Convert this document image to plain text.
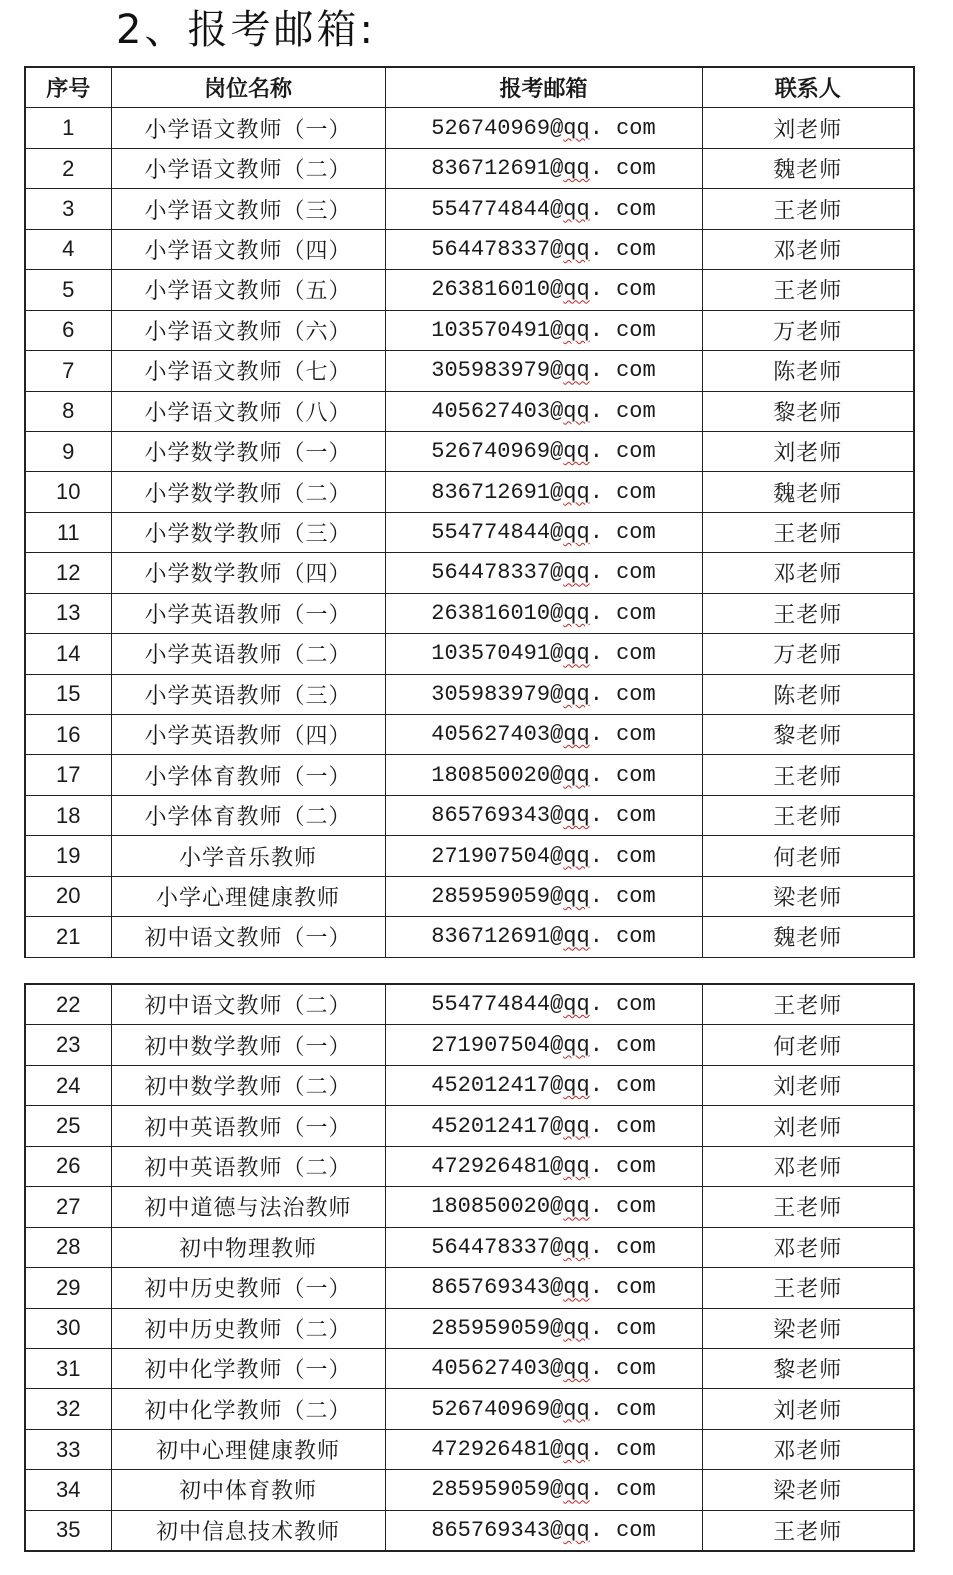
2、报考邮箱:
序号	岗位名称	报考邮箱	联系人
1	小学语文教师（一）	526740969@qq. com	刘老师
2	小学语文教师（二）	836712691@qq. com	魏老师
3	小学语文教师（三）	554774844@qq. com	王老师
4	小学语文教师（四）	564478337@qq. com	邓老师
5	小学语文教师（五）	263816010@qq. com	王老师
6	小学语文教师（六）	103570491@qq. com	万老师
7	小学语文教师（七）	305983979@qq. com	陈老师
8	小学语文教师（八）	405627403@qq. com	黎老师
9	小学数学教师（一）	526740969@qq. com	刘老师
10	小学数学教师（二）	836712691@qq. com	魏老师
11	小学数学教师（三）	554774844@qq. com	王老师
12	小学数学教师（四）	564478337@qq. com	邓老师
13	小学英语教师（一）	263816010@qq. com	王老师
14	小学英语教师（二）	103570491@qq. com	万老师
15	小学英语教师（三）	305983979@qq. com	陈老师
16	小学英语教师（四）	405627403@qq. com	黎老师
17	小学体育教师（一）	180850020@qq. com	王老师
18	小学体育教师（二）	865769343@qq. com	王老师
19	小学音乐教师	271907504@qq. com	何老师
20	小学心理健康教师	285959059@qq. com	梁老师
21	初中语文教师（一）	836712691@qq. com	魏老师
22	初中语文教师（二）	554774844@qq. com	王老师
23	初中数学教师（一）	271907504@qq. com	何老师
24	初中数学教师（二）	452012417@qq. com	刘老师
25	初中英语教师（一）	452012417@qq. com	刘老师
26	初中英语教师（二）	472926481@qq. com	邓老师
27	初中道德与法治教师	180850020@qq. com	王老师
28	初中物理教师	564478337@qq. com	邓老师
29	初中历史教师（一）	865769343@qq. com	王老师
30	初中历史教师（二）	285959059@qq. com	梁老师
31	初中化学教师（一）	405627403@qq. com	黎老师
32	初中化学教师（二）	526740969@qq. com	刘老师
33	初中心理健康教师	472926481@qq. com	邓老师
34	初中体育教师	285959059@qq. com	梁老师
35	初中信息技术教师	865769343@qq. com	王老师
